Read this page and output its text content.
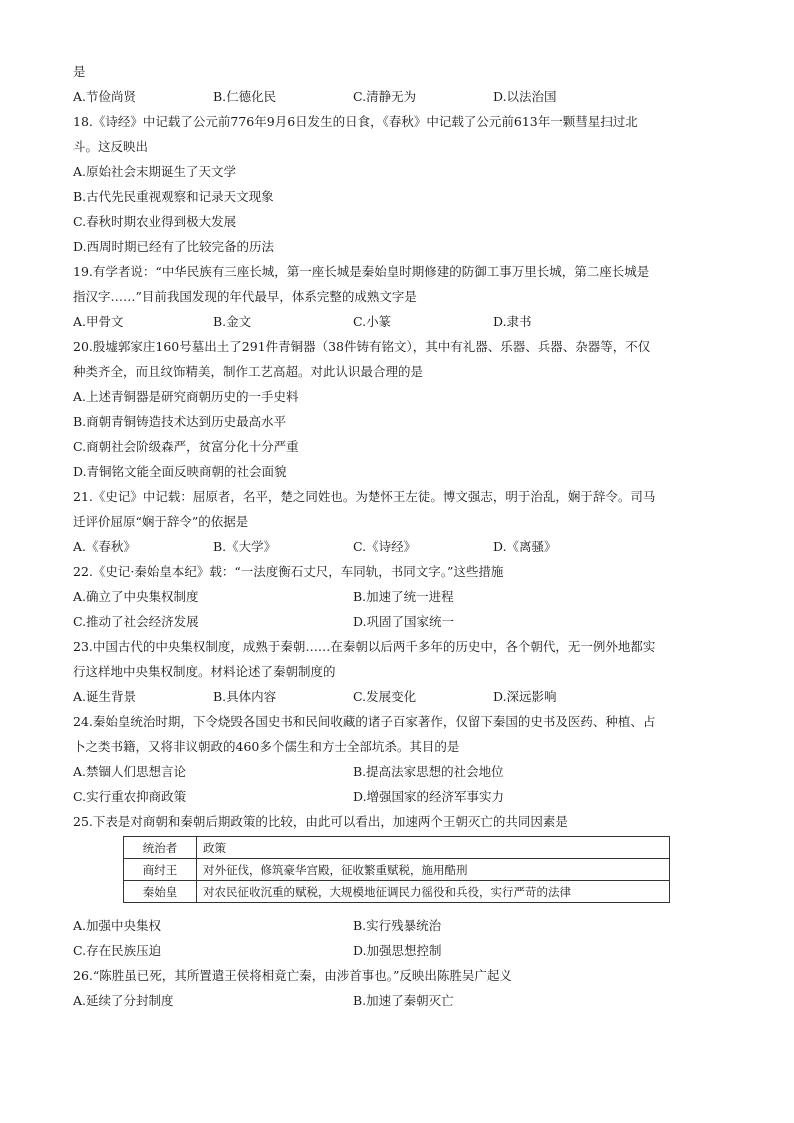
是
A.节俭尚贤	B.仁德化民	C.清静无为	D.以法治国
18.《诗经》中记载了公元前776年9月6日发生的日食，《春秋》中记载了公元前613年一颗彗星扫过北
斗。这反映出
A.原始社会末期诞生了天文学
B.古代先民重视观察和记录天文现象
C.春秋时期农业得到极大发展
D.西周时期已经有了比较完备的历法
19.有学者说：“中华民族有三座长城，第一座长城是秦始皇时期修建的防御工事万里长城，第二座长城是
指汉字……”目前我国发现的年代最早，体系完整的成熟文字是
A.甲骨文	B.金文	C.小篆	D.隶书
20.殷墟郭家庄160号墓出土了291件青铜器（38件铸有铭文），其中有礼器、乐器、兵器、杂器等，不仅
种类齐全，而且纹饰精美，制作工艺高超。对此认识最合理的是
A.上述青铜器是研究商朝历史的一手史料
B.商朝青铜铸造技术达到历史最高水平
C.商朝社会阶级森严，贫富分化十分严重
D.青铜铭文能全面反映商朝的社会面貌
21.《史记》中记载：屈原者，名平，楚之同姓也。为楚怀王左徒。博文强志，明于治乱，娴于辞令。司马
迁评价屈原“娴于辞令”的依据是
A.《春秋》	B.《大学》	C.《诗经》	D.《离骚》
22.《史记·秦始皇本纪》载：“一法度衡石丈尺，车同轨，书同文字。”这些措施
A.确立了中央集权制度	B.加速了统一进程
C.推动了社会经济发展	D.巩固了国家统一
23.中国古代的中央集权制度，成熟于秦朝……在秦朝以后两千多年的历史中，各个朝代，无一例外地都实
行这样地中央集权制度。材料论述了秦朝制度的
A.诞生背景	B.具体内容	C.发展变化	D.深远影响
24.秦始皇统治时期，下令烧毁各国史书和民间收藏的诸子百家著作，仅留下秦国的史书及医药、种植、占
卜之类书籍，又将非议朝政的460多个儒生和方士全部坑杀。其目的是
A.禁锢人们思想言论	B.提高法家思想的社会地位
C.实行重农抑商政策	D.增强国家的经济军事实力
25.下表是对商朝和秦朝后期政策的比较，由此可以看出，加速两个王朝灭亡的共同因素是
统治者	政策
商纣王	对外征伐，修筑豪华宫殿，征收繁重赋税，施用酷刑
秦始皇	对农民征收沉重的赋税，大规模地征调民力徭役和兵役，实行严苛的法律
A.加强中央集权	B.实行残暴统治
C.存在民族压迫	D.加强思想控制
26.“陈胜虽已死，其所置遣王侯将相竟亡秦，由涉首事也。”反映出陈胜吴广起义
A.延续了分封制度	B.加速了秦朝灭亡
